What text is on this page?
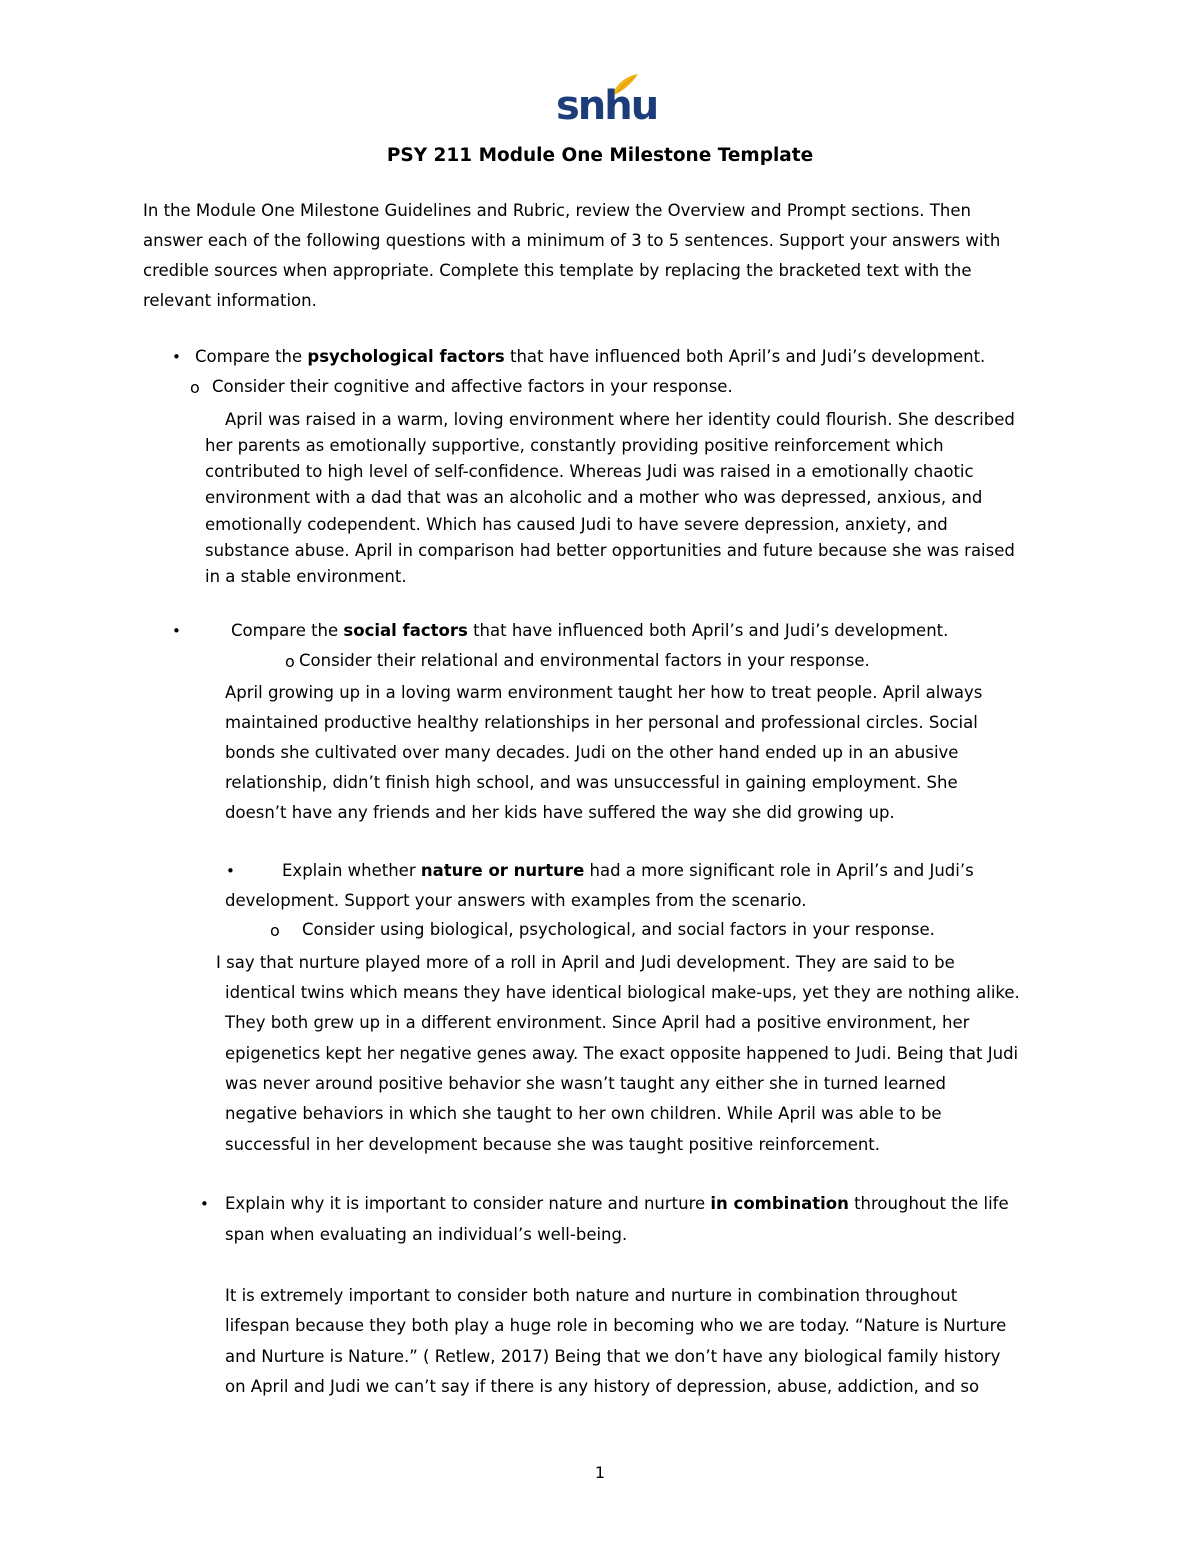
snhu
PSY 211 Module One Milestone Template
In the Module One Milestone Guidelines and Rubric, review the Overview and Prompt sections. Then
answer each of the following questions with a minimum of 3 to 5 sentences. Support your answers with
credible sources when appropriate. Complete this template by replacing the bracketed text with the
relevant information.
• Compare the psychological factors that have influenced both April’s and Judi’s development.
o Consider their cognitive and affective factors in your response.
April was raised in a warm, loving environment where her identity could flourish. She described
her parents as emotionally supportive, constantly providing positive reinforcement which
contributed to high level of self-confidence. Whereas Judi was raised in a emotionally chaotic
environment with a dad that was an alcoholic and a mother who was depressed, anxious, and
emotionally codependent. Which has caused Judi to have severe depression, anxiety, and
substance abuse. April in comparison had better opportunities and future because she was raised
in a stable environment.
•	Compare the social factors that have influenced both April’s and Judi’s development.
o Consider their relational and environmental factors in your response.
April growing up in a loving warm environment taught her how to treat people. April always
maintained productive healthy relationships in her personal and professional circles. Social
bonds she cultivated over many decades. Judi on the other hand ended up in an abusive
relationship, didn’t finish high school, and was unsuccessful in gaining employment. She
doesn’t have any friends and her kids have suffered the way she did growing up.
•	Explain whether nature or nurture had a more significant role in April’s and Judi’s
development. Support your answers with examples from the scenario.
o Consider using biological, psychological, and social factors in your response.
I say that nurture played more of a roll in April and Judi development. They are said to be
identical twins which means they have identical biological make-ups, yet they are nothing alike.
They both grew up in a different environment. Since April had a positive environment, her
epigenetics kept her negative genes away. The exact opposite happened to Judi. Being that Judi
was never around positive behavior she wasn’t taught any either she in turned learned
negative behaviors in which she taught to her own children. While April was able to be
successful in her development because she was taught positive reinforcement.
• Explain why it is important to consider nature and nurture in combination throughout the life
span when evaluating an individual’s well-being.
It is extremely important to consider both nature and nurture in combination throughout
lifespan because they both play a huge role in becoming who we are today. “Nature is Nurture
and Nurture is Nature.” ( Retlew, 2017) Being that we don’t have any biological family history
on April and Judi we can’t say if there is any history of depression, abuse, addiction, and so
1
